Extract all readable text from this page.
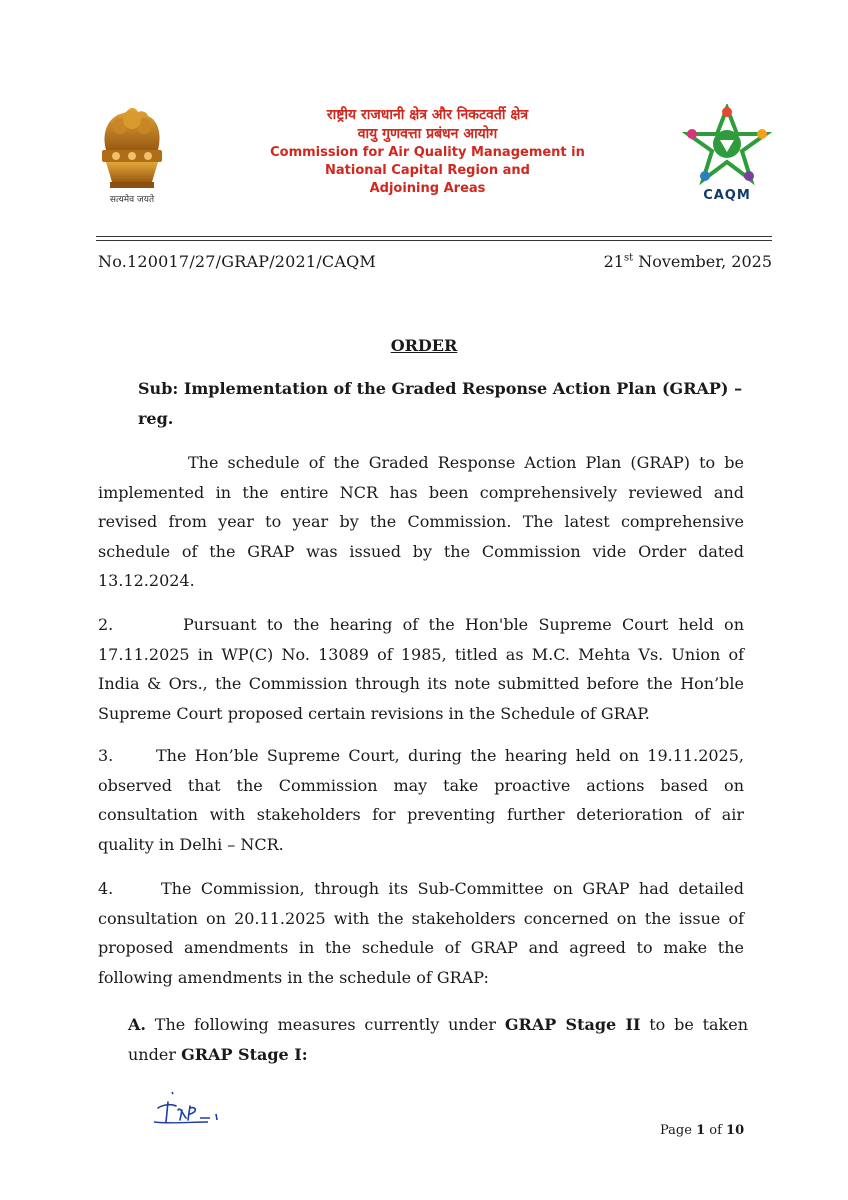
सत्यमेव जयते
राष्ट्रीय राजधानी क्षेत्र और निकटवर्ती क्षेत्र
वायु गुणवत्ता प्रबंधन आयोग
Commission for Air Quality Management in
National Capital Region and
Adjoining Areas	CAQM
No.120017/27/GRAP/2021/CAQM	21st November, 2025
ORDER
Sub: Implementation of the Graded Response Action Plan (GRAP) – reg.
The schedule of the Graded Response Action Plan (GRAP) to be implemented in the entire NCR has been comprehensively reviewed and revised from year to year by the Commission. The latest comprehensive schedule of the GRAP was issued by the Commission vide Order dated 13.12.2024.
2.	Pursuant to the hearing of the Hon'ble Supreme Court held on 17.11.2025 in WP(C) No. 13089 of 1985, titled as M.C. Mehta Vs. Union of India & Ors., the Commission through its note submitted before the Hon’ble Supreme Court proposed certain revisions in the Schedule of GRAP.
3.	The Hon’ble Supreme Court, during the hearing held on 19.11.2025, observed that the Commission may take proactive actions based on consultation with stakeholders for preventing further deterioration of air quality in Delhi – NCR.
4.	The Commission, through its Sub-Committee on GRAP had detailed consultation on 20.11.2025 with the stakeholders concerned on the issue of proposed amendments in the schedule of GRAP and agreed to make the following amendments in the schedule of GRAP:
A. The following measures currently under GRAP Stage II to be taken under GRAP Stage I:
Page 1 of 10
